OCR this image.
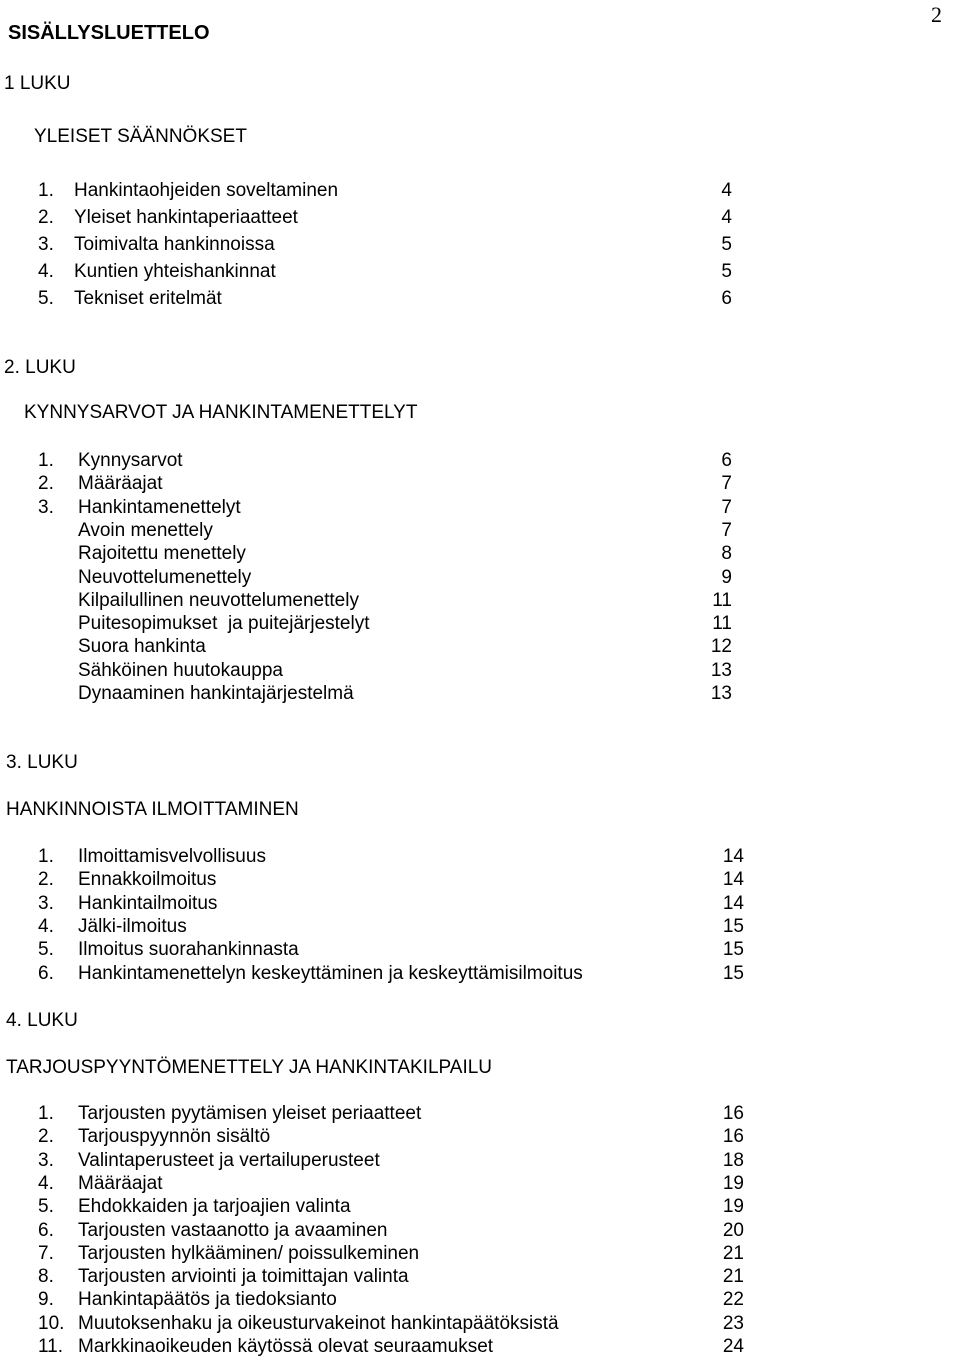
2
SISÄLLYSLUETTELO
1 LUKU
YLEISET SÄÄNNÖKSET
1. Hankintaohjeiden soveltaminen	4
2. Yleiset hankintaperiaatteet	4
3. Toimivalta hankinnoissa	5
4. Kuntien yhteishankinnat	5
5. Tekniset eritelmät	6
2. LUKU
KYNNYSARVOT JA HANKINTAMENETTELYT
1. Kynnysarvot	6
2. Määräajat	7
3. Hankintamenettelyt	7
Avoin menettely	7
Rajoitettu menettely	8
Neuvottelumenettely	9
Kilpailullinen neuvottelumenettely	11
Puitesopimukset  ja puitejärjestelyt	11
Suora hankinta	12
Sähköinen huutokauppa	13
Dynaaminen hankintajärjestelmä	13
3. LUKU
HANKINNOISTA ILMOITTAMINEN
1. Ilmoittamisvelvollisuus	14
2. Ennakkoilmoitus	14
3. Hankintailmoitus	14
4. Jälki-ilmoitus	15
5. Ilmoitus suorahankinnasta	15
6. Hankintamenettelyn keskeyttäminen ja keskeyttämisilmoitus	15
4. LUKU
TARJOUSPYYNTÖMENETTELY JA HANKINTAKILPAILU
1. Tarjousten pyytämisen yleiset periaatteet	16
2. Tarjouspyynnön sisältö	16
3. Valintaperusteet ja vertailuperusteet	18
4. Määräajat	19
5. Ehdokkaiden ja tarjoajien valinta	19
6. Tarjousten vastaanotto ja avaaminen	20
7. Tarjousten hylkääminen/ poissulkeminen	21
8. Tarjousten arviointi ja toimittajan valinta	21
9. Hankintapäätös ja tiedoksianto	22
10. Muutoksenhaku ja oikeusturvakeinot hankintapäätöksistä	23
11. Markkinaoikeuden käytössä olevat seuraamukset	24
